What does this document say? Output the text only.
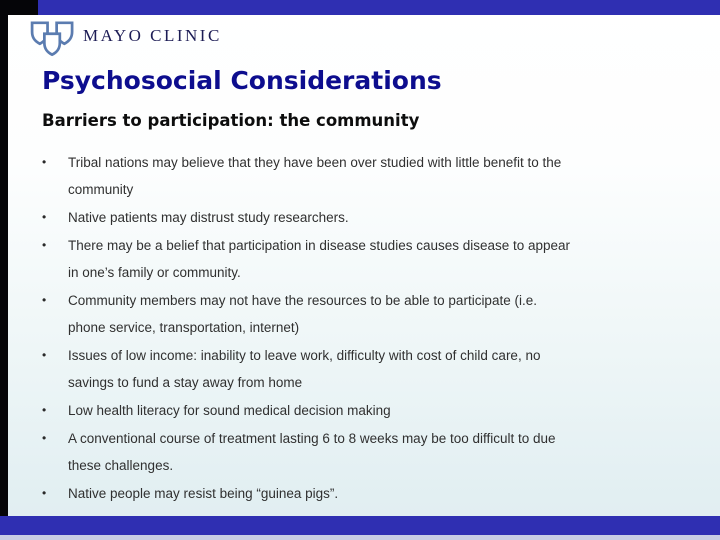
MAYO CLINIC
Psychosocial Considerations
Barriers to participation: the community
•	Tribal nations may believe that they have been over studied with little benefit to the
community
•	Native patients may distrust study researchers.
•	There may be a belief that participation in disease studies causes disease to appear
in one’s family or community.
•	Community members may not have the resources to be able to participate (i.e.
phone service, transportation, internet)
•	Issues of low income: inability to leave work, difficulty with cost of child care, no
savings to fund a stay away from home
•	Low health literacy for sound medical decision making
•	A conventional course of treatment lasting 6 to 8 weeks may be too difficult to due
these challenges.
•	Native people may resist being “guinea pigs”.
